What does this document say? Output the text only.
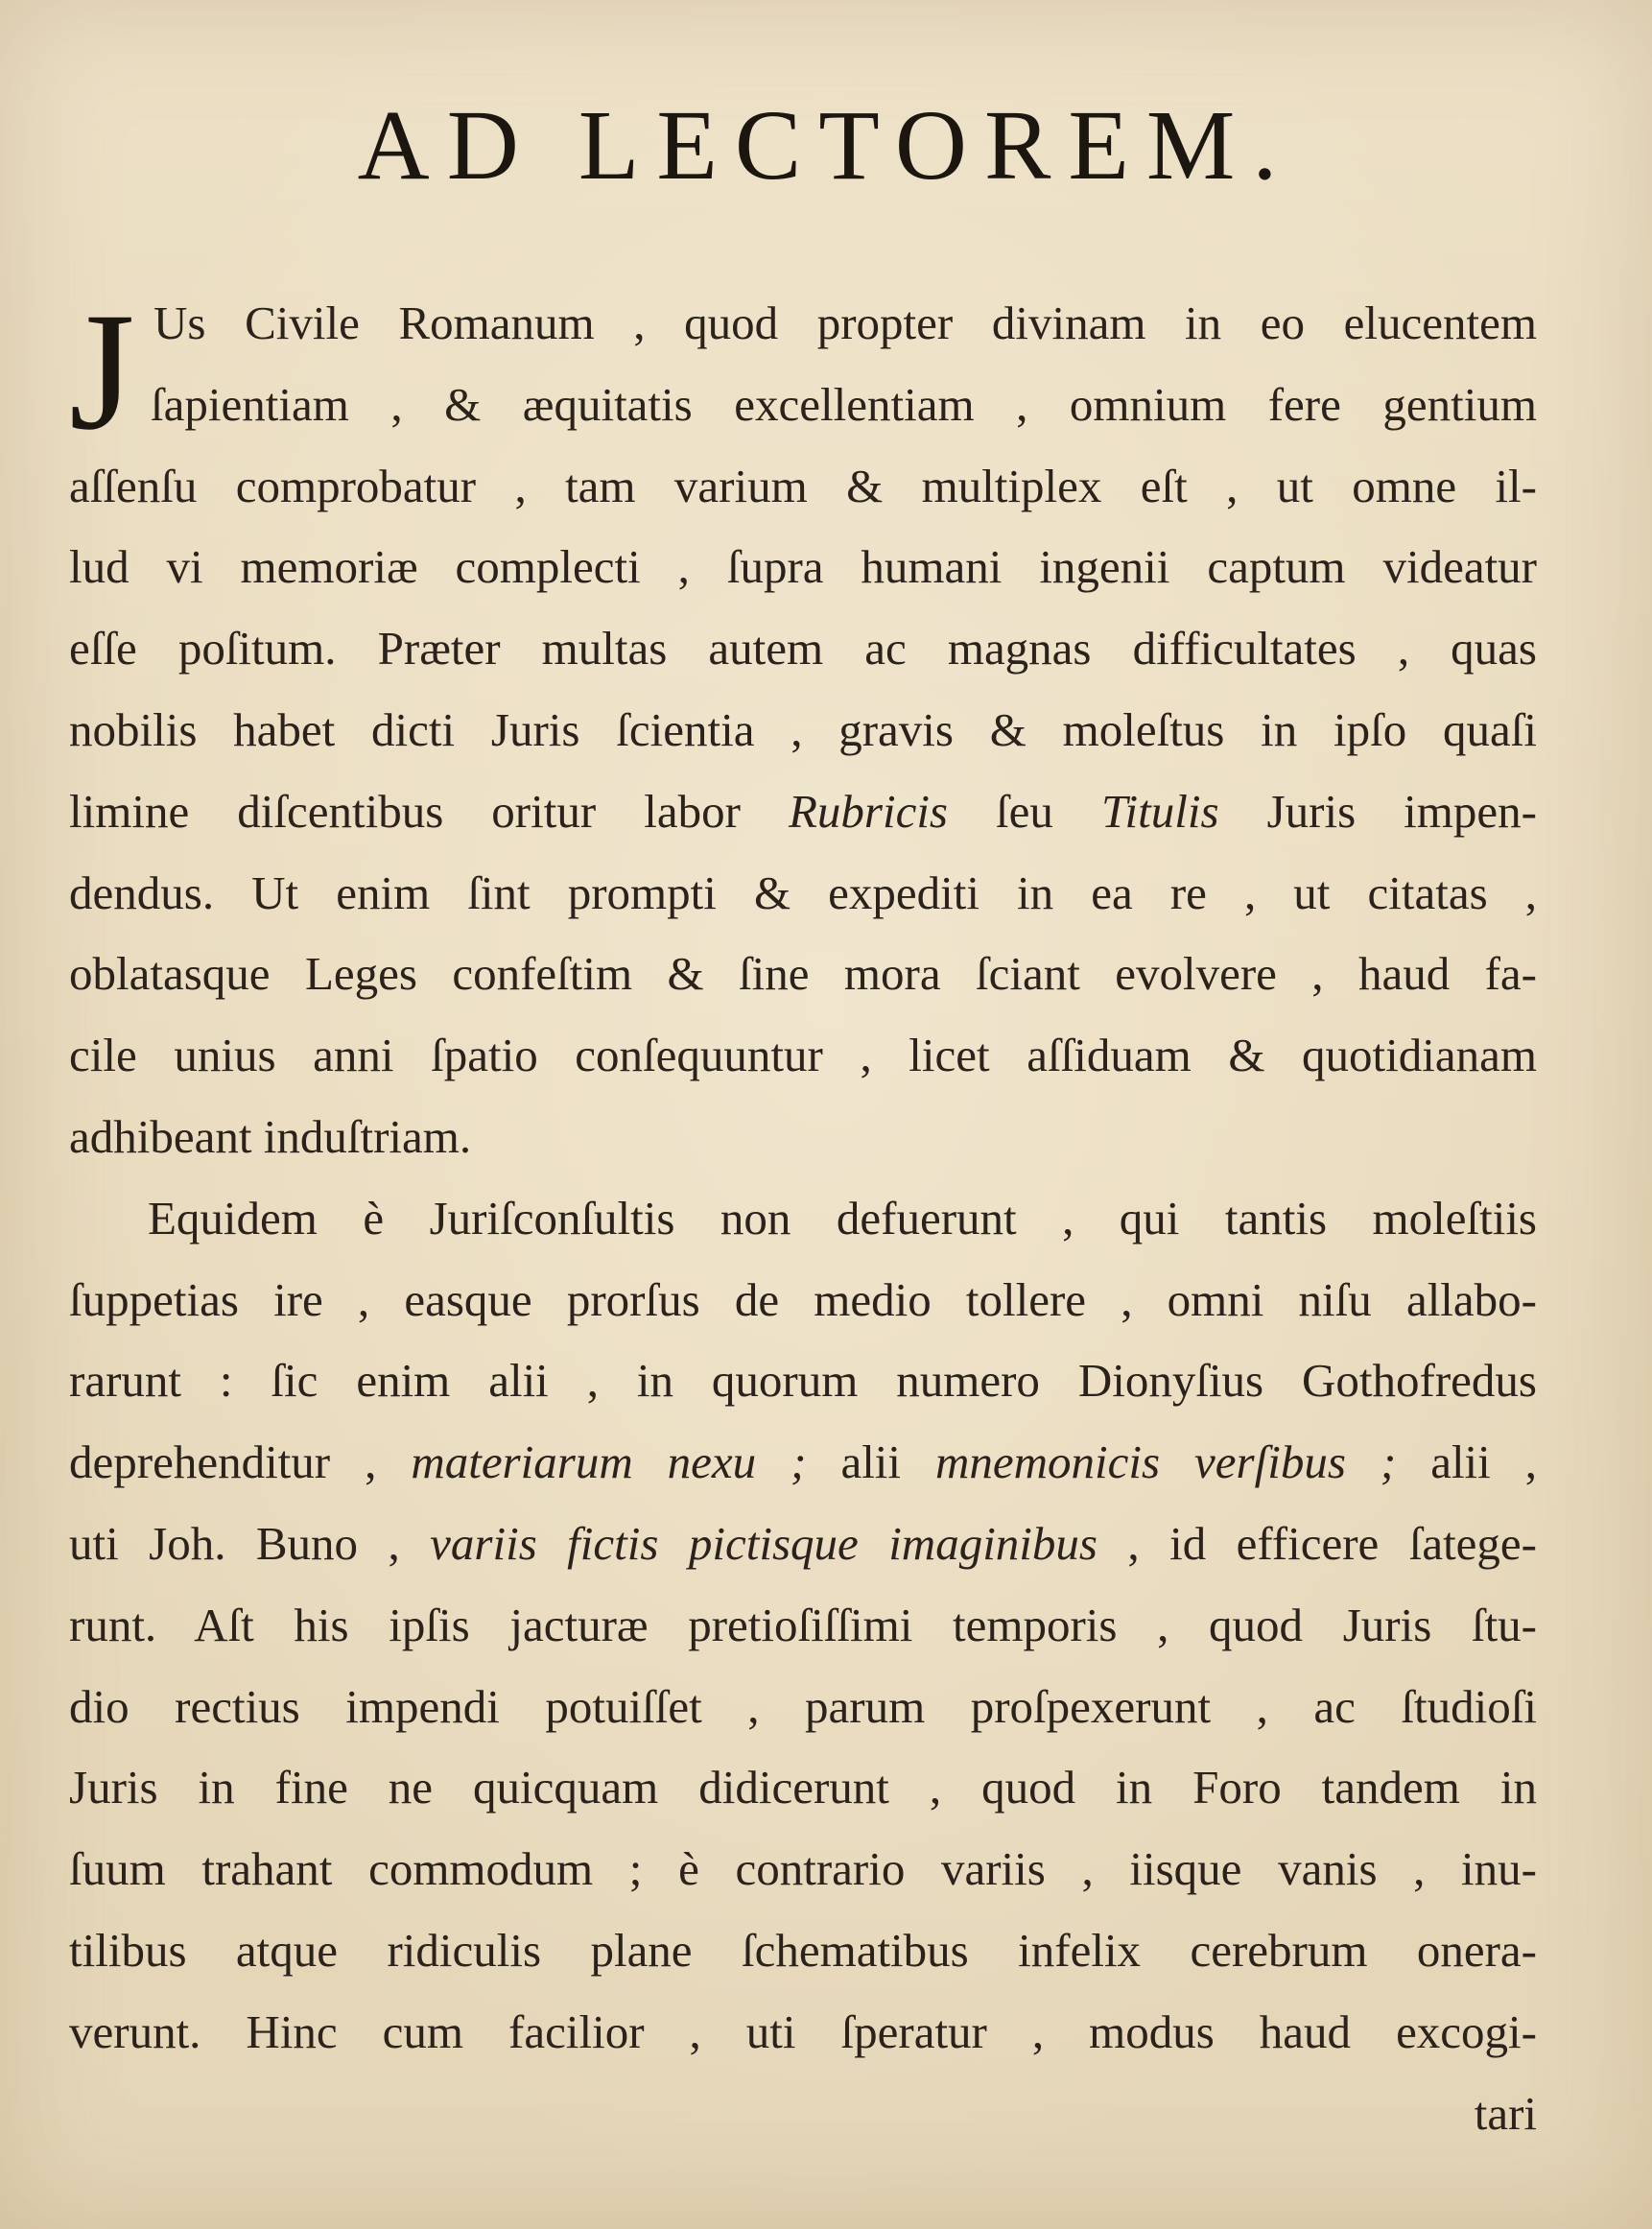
AD LECTOREM.
J Us Civile Romanum , quod propter divinam in eo elucentem
ſapientiam , & æquitatis excellentiam , omnium fere gentium
aſſenſu comprobatur , tam varium & multiplex eſt , ut omne il-
lud vi memoriæ complecti , ſupra humani ingenii captum videatur
eſſe poſitum. Præter multas autem ac magnas difficultates , quas
nobilis habet dicti Juris ſcientia , gravis & moleſtus in ipſo quaſi
limine diſcentibus oritur labor Rubricis ſeu Titulis Juris impen-
dendus. Ut enim ſint prompti & expediti in ea re , ut citatas ,
oblatasque Leges confeſtim & ſine mora ſciant evolvere , haud fa-
cile unius anni ſpatio conſequuntur , licet aſſiduam & quotidianam
adhibeant induſtriam.
Equidem è Juriſconſultis non defuerunt , qui tantis moleſtiis
ſuppetias ire , easque prorſus de medio tollere , omni niſu allabo-
rarunt : ſic enim alii , in quorum numero Dionyſius Gothofredus
deprehenditur , materiarum nexu ; alii mnemonicis verſibus ; alii ,
uti Joh. Buno , variis fictis pictisque imaginibus , id efficere ſatege-
runt. Aſt his ipſis jacturæ pretioſiſſimi temporis , quod Juris ſtu-
dio rectius impendi potuiſſet , parum proſpexerunt , ac ſtudioſi
Juris in fine ne quicquam didicerunt , quod in Foro tandem in
ſuum trahant commodum ; è contrario variis , iisque vanis , inu-
tilibus atque ridiculis plane ſchematibus infelix cerebrum onera-
verunt. Hinc cum facilior , uti ſperatur , modus haud excogi-
tari
